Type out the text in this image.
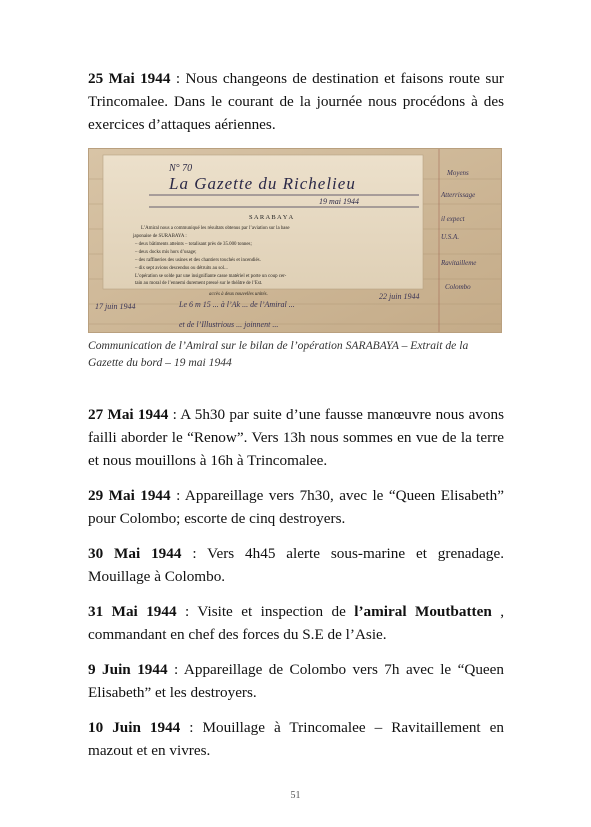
25 Mai 1944 : Nous changeons de destination et faisons route sur Trincomalee. Dans le courant de la journée nous procédons à des exercices d’attaques aériennes.

N° 70
La Gazette du Richelieu
19 mai 1944
S A R A B A Y A
L’Amiral nous a communiqué les résultats obtenus par l’aviation sur la base
japonaise de SURABAYA :
– deux bâtiments atteints – totalisant près de 35.000 tonnes;
– deux docks mis hors d’usage;
– des raffineries des usines et des chantiers touchés et incendiés.
– dix sept avions descendus ou détruits au sol...
L’opération se solde par une insignifiante casse matériel et porte un coup cer-
tain au moral de l’ennemi durement pressé sur le théâtre de l’Est.
accès à deux nouvelles unités.
17 juin 1944	Le 6 m 15 ... à l’Ak ... de l’Amiral ...
et de l’Illustrious ... joinnent ...
22 juin 1944
Moyens
Atterrissage
il expect
U.S.A.
Ravitailleme
Colombo

Communication de l’Amiral sur le bilan de l’opération SARABAYA – Extrait de la Gazette du bord – 19 mai 1944

27 Mai 1944 : A 5h30 par suite d’une fausse manœuvre nous avons failli aborder le “Renow”. Vers 13h nous sommes en vue de la terre et nous mouillons à 16h à Trincomalee.

29 Mai 1944 : Appareillage vers 7h30, avec le “Queen Elisabeth” pour Colombo; escorte de cinq destroyers.

30 Mai 1944 : Vers 4h45 alerte sous-marine et grenadage. Mouillage à Colombo.

31 Mai 1944 : Visite et inspection de l’amiral Moutbatten , commandant en chef des forces du S.E de l’Asie.

9 Juin 1944 : Appareillage de Colombo vers 7h avec le “Queen Elisabeth” et les destroyers.

10 Juin 1944 : Mouillage à Trincomalee – Ravitaillement en mazout et en vivres.

51
